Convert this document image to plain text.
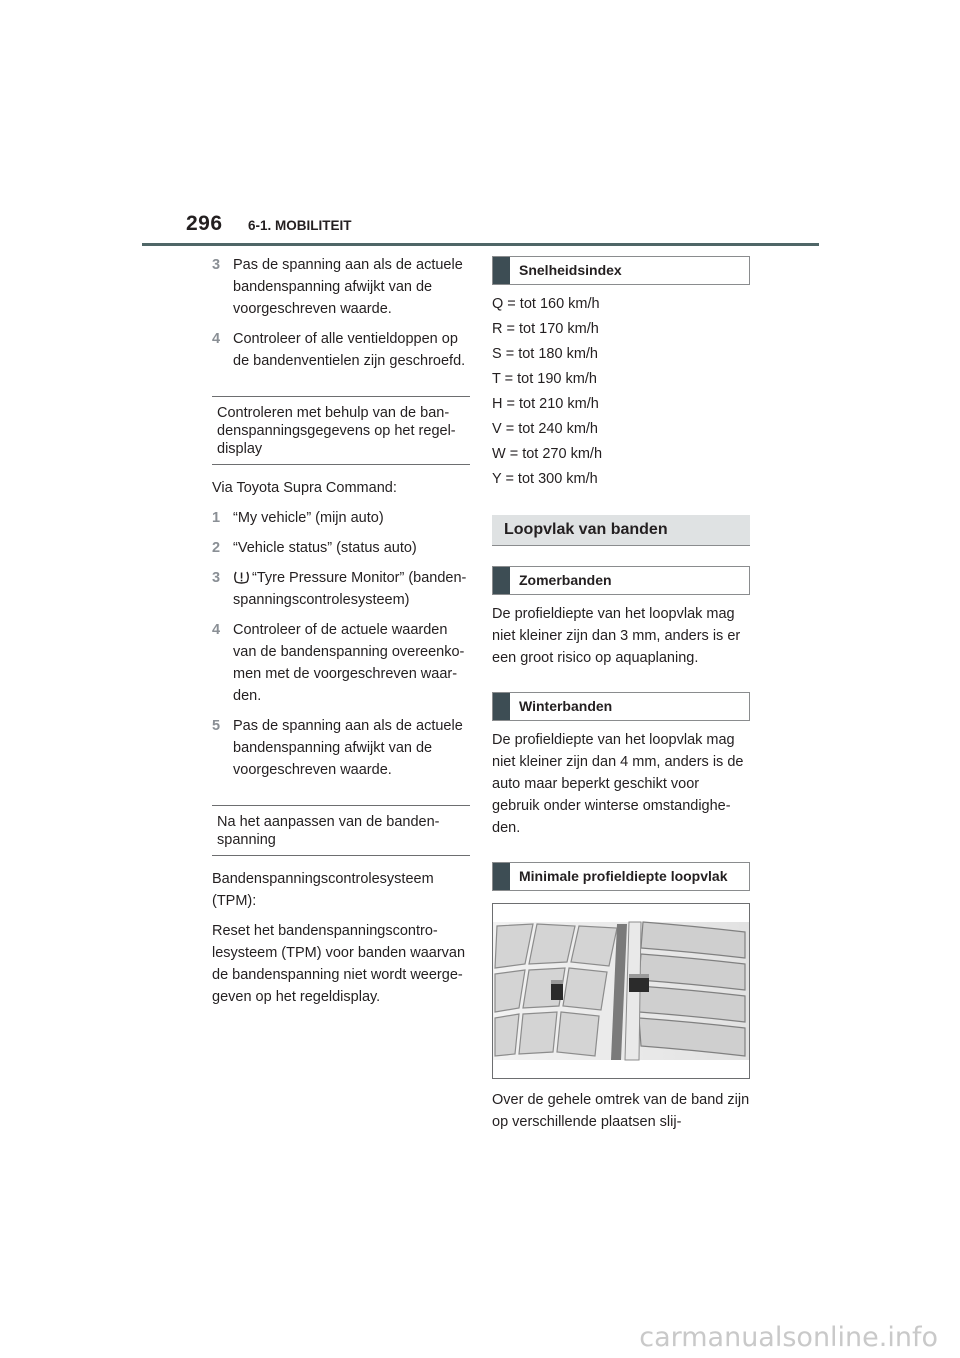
296 6-1. MOBILITEIT
3 Pas de spanning aan als de actuele bandenspanning afwijkt van de voorgeschreven waarde.

4 Controleer of alle ventieldoppen op de bandenventielen zijn geschroefd.

Controleren met behulp van de ban-denspanningsgegevens op het regel-display

Via Toyota Supra Command:

1 “My vehicle” (mijn auto)

2 “Vehicle status” (status auto)

3	“Tyre Pressure Monitor” (banden-spanningscontrolesysteem)

4 Controleer of de actuele waarden van de bandenspanning overeenko-men met de voorgeschreven waar-den.

5 Pas de spanning aan als de actuele bandenspanning afwijkt van de voorgeschreven waarde.

Na het aanpassen van de banden-spanning

Bandenspanningscontrolesysteem (TPM):

Reset het bandenspanningscontro-lesysteem (TPM) voor banden waarvan de bandenspanning niet wordt weerge-geven op het regeldisplay.

Snelheidsindex

Q = tot 160 km/h

R = tot 170 km/h

S = tot 180 km/h

T = tot 190 km/h

H = tot 210 km/h

V = tot 240 km/h

W = tot 270 km/h

Y = tot 300 km/h

Loopvlak van banden
Zomerbanden

De profieldiepte van het loopvlak mag niet kleiner zijn dan 3 mm, anders is er een groot risico op aquaplaning.

Winterbanden

De profieldiepte van het loopvlak mag niet kleiner zijn dan 4 mm, anders is de auto maar beperkt geschikt voor gebruik onder winterse omstandighe-den.

Minimale profieldiepte loopvlak

Over de gehele omtrek van de band zijn op verschillende plaatsen slij-

carmanualsonline.info
